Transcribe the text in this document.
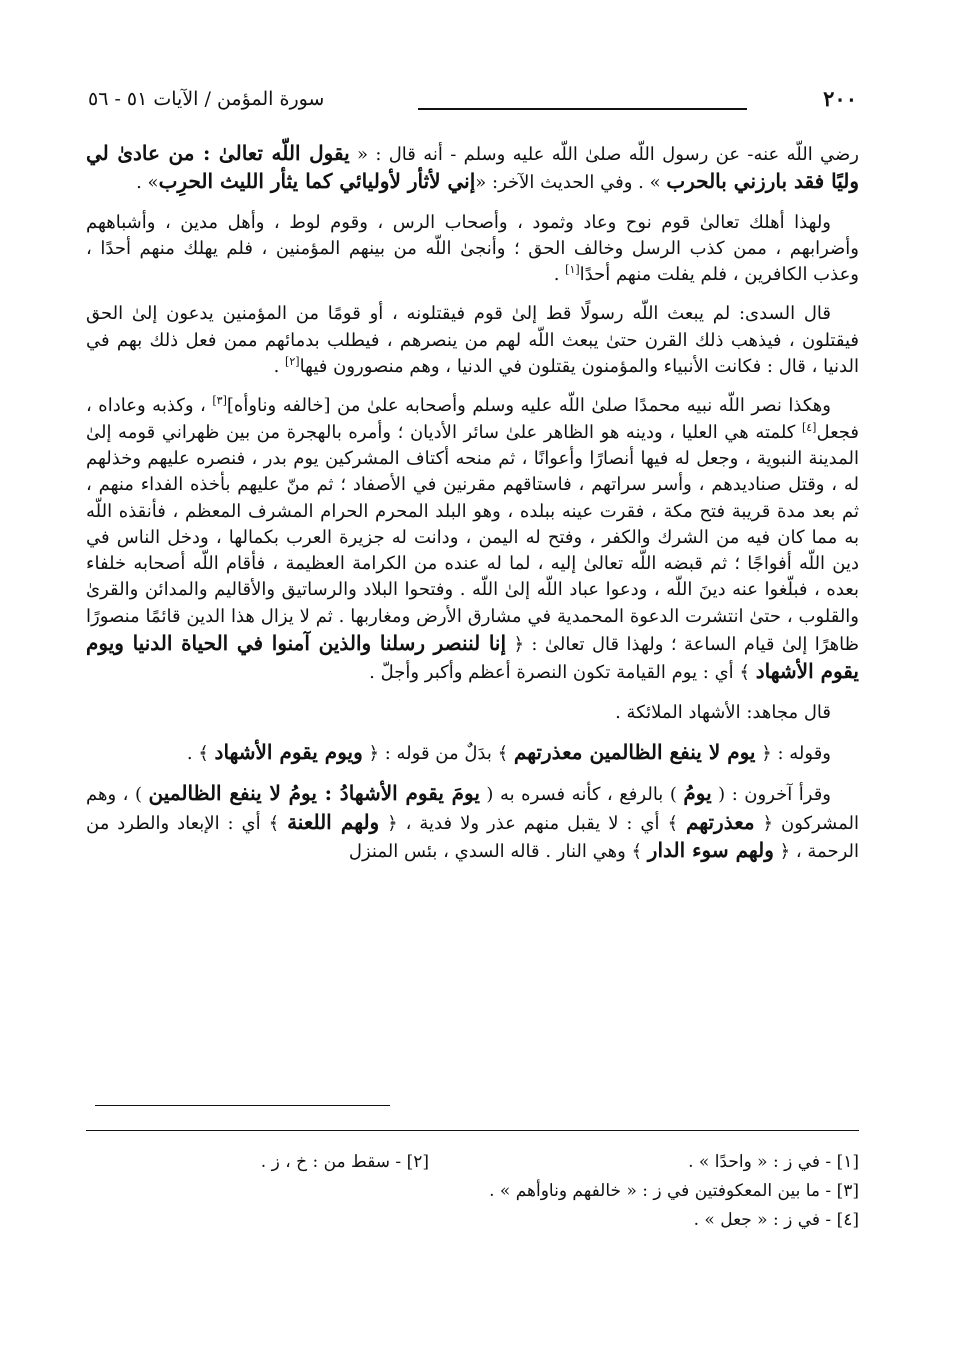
٢٠٠
سورة المؤمن / الآيات ٥١ - ٥٦

رضي اللّه عنه- عن رسول اللّه صلىٰ اللّه عليه وسلم - أنه قال : « يقول اللّه تعالىٰ : من عادىٰ لي وليًا فقد بارزني بالحرب » . وفي الحديث الآخر: «إني لأثأر لأوليائي كما يثأر الليث الحرِب» .

ولهذا أهلك تعالىٰ قوم نوح وعاد وثمود ، وأصحاب الرس ، وقوم لوط ، وأهل مدين ، وأشباههم وأضرابهم ، ممن كذب الرسل وخالف الحق ؛ وأنجىٰ اللّه من بينهم المؤمنين ، فلم يهلك منهم أحدًا ، وعذب الكافرين ، فلم يفلت منهم أحدًا[١] .

قال السدى: لم يبعث اللّه رسولًا قط إلىٰ قوم فيقتلونه ، أو قومًا من المؤمنين يدعون إلىٰ الحق فيقتلون ، فيذهب ذلك القرن حتىٰ يبعث اللّه لهم من ينصرهم ، فيطلب بدمائهم ممن فعل ذلك بهم في الدنيا ، قال : فكانت الأنبياء والمؤمنون يقتلون في الدنيا ، وهم منصورون فيها[٢] .

وهكذا نصر اللّه نبيه محمدًا صلىٰ اللّه عليه وسلم وأصحابه علىٰ من [خالفه وناوأه][٣] ، وكذبه وعاداه ، فجعل[٤] كلمته هي العليا ، ودينه هو الظاهر علىٰ سائر الأديان ؛ وأمره بالهجرة من بين ظهراني قومه إلىٰ المدينة النبوية ، وجعل له فيها أنصارًا وأعوانًا ، ثم منحه أكتاف المشركين يوم بدر ، فنصره عليهم وخذلهم له ، وقتل صناديدهم ، وأسر سراتهم ، فاستاقهم مقرنين في الأصفاد ؛ ثم منّ عليهم بأخذه الفداء منهم ، ثم بعد مدة قريبة فتح مكة ، فقرت عينه ببلده ، وهو البلد المحرم الحرام المشرف المعظم ، فأنقذه اللّه به مما كان فيه من الشرك والكفر ، وفتح له اليمن ، ودانت له جزيرة العرب بكمالها ، ودخل الناس في دين اللّه أفواجًا ؛ ثم قبضه اللّه تعالىٰ إليه ، لما له عنده من الكرامة العظيمة ، فأقام اللّه أصحابه خلفاء بعده ، فبلّغوا عنه دينَ اللّه ، ودعوا عباد اللّه إلىٰ اللّه . وفتحوا البلاد والرساتيق والأقاليم والمدائن والقرىٰ والقلوب ، حتىٰ انتشرت الدعوة المحمدية في مشارق الأرض ومغاربها . ثم لا يزال هذا الدين قائمًا منصورًا ظاهرًا إلىٰ قيام الساعة ؛ ولهذا قال تعالىٰ : ﴿ إنا لننصر رسلنا والذين آمنوا في الحياة الدنيا ويوم يقوم الأشهاد ﴾ أي : يوم القيامة تكون النصرة أعظم وأكبر وأجلّ .

قال مجاهد: الأشهاد الملائكة .

وقوله : ﴿ يوم لا ينفع الظالمين معذرتهم ﴾ بدَلٌ من قوله : ﴿ ويوم يقوم الأشهاد ﴾ .

وقرأ آخرون : ( يومُ ) بالرفع ، كأنه فسره به ( يومَ يقوم الأشهادُ : يومُ لا ينفع الظالمين ) ، وهم المشركون ﴿ معذرتهم ﴾ أي : لا يقبل منهم عذر ولا فدية ، ﴿ ولهم اللعنة ﴾ أي : الإبعاد والطرد من الرحمة ، ﴿ ولهم سوء الدار ﴾ وهي النار . قاله السدي ، بئس المنزل

[١] - في ز : « واحدًا » .
[٢] - سقط من : خ ، ز .
[٣] - ما بين المعكوفتين في ز : « خالفهم وناوأهم » .
[٤] - في ز : « جعل » .
